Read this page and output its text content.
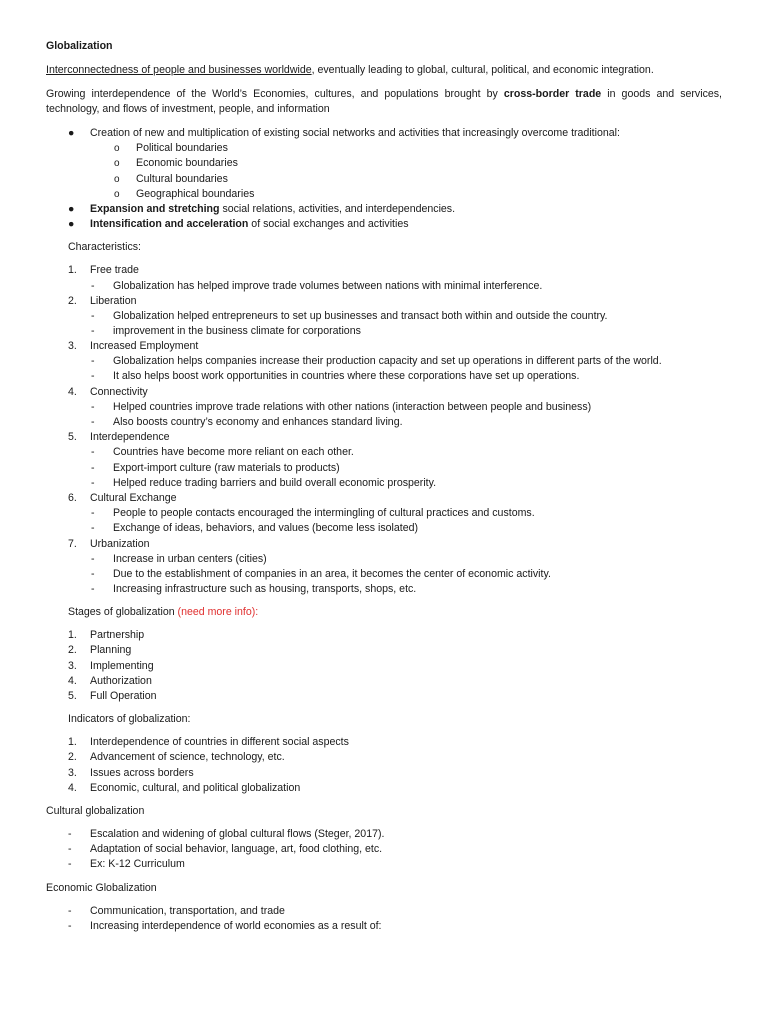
Globalization

Interconnectedness of people and businesses worldwide, eventually leading to global, cultural, political, and economic integration.

Growing interdependence of the World’s Economies, cultures, and populations brought by cross-border trade in goods and services, technology, and flows of investment, people, and information

● Creation of new and multiplication of existing social networks and activities that increasingly overcome traditional:
o Political boundaries
o Economic boundaries
o Cultural boundaries
o Geographical boundaries
● Expansion and stretching social relations, activities, and interdependencies.
● Intensification and acceleration of social exchanges and activities
Characteristics:
1. Free trade
- Globalization has helped improve trade volumes between nations with minimal interference.
2. Liberation
- Globalization helped entrepreneurs to set up businesses and transact both within and outside the country.
- improvement in the business climate for corporations
3. Increased Employment
- Globalization helps companies increase their production capacity and set up operations in different parts of the world.
- It also helps boost work opportunities in countries where these corporations have set up operations.
4. Connectivity
- Helped countries improve trade relations with other nations (interaction between people and business)
- Also boosts country’s economy and enhances standard living.
5. Interdependence
- Countries have become more reliant on each other.
- Export-import culture (raw materials to products)
- Helped reduce trading barriers and build overall economic prosperity.
6. Cultural Exchange
- People to people contacts encouraged the intermingling of cultural practices and customs.
- Exchange of ideas, behaviors, and values (become less isolated)
7. Urbanization
- Increase in urban centers (cities)
- Due to the establishment of companies in an area, it becomes the center of economic activity.
- Increasing infrastructure such as housing, transports, shops, etc.
Stages of globalization (need more info):
1. Partnership
2. Planning
3. Implementing
4. Authorization
5. Full Operation
Indicators of globalization:
1. Interdependence of countries in different social aspects
2. Advancement of science, technology, etc.
3. Issues across borders
4. Economic, cultural, and political globalization
Cultural globalization
- Escalation and widening of global cultural flows (Steger, 2017).
- Adaptation of social behavior, language, art, food clothing, etc.
- Ex: K-12 Curriculum
Economic Globalization
- Communication, transportation, and trade
- Increasing interdependence of world economies as a result of:
